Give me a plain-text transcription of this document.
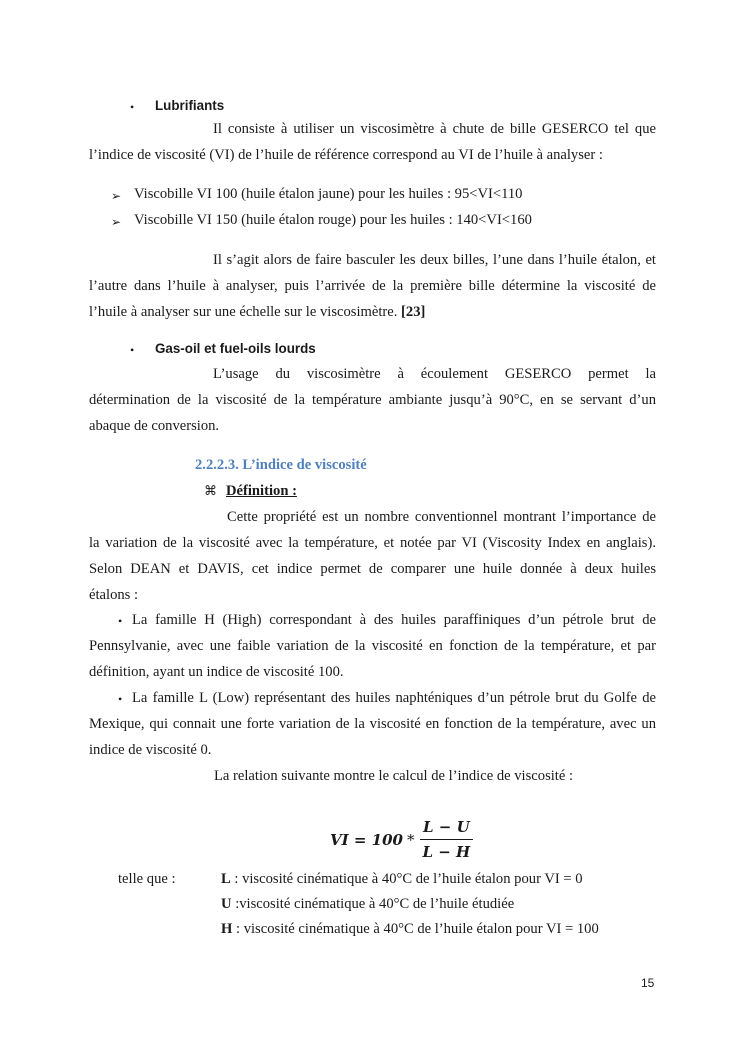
• Lubrifiants
Il consiste à utiliser un viscosimètre à chute de bille GESERCO tel que
l’indice de viscosité (VI) de l’huile de référence correspond au VI de l’huile à analyser :
➢ Viscobille VI 100 (huile étalon jaune) pour les huiles : 95<VI<110
➢ Viscobille VI 150 (huile étalon rouge) pour les huiles : 140<VI<160
Il s’agit alors de faire basculer les deux billes, l’une dans l’huile étalon, et
l’autre dans l’huile à analyser, puis l’arrivée de la première bille détermine la viscosité de
l’huile à analyser sur une échelle sur le viscosimètre. [23]
• Gas-oil et fuel-oils lourds
L’usage du viscosimètre à écoulement GESERCO permet la
détermination de la viscosité de la température ambiante jusqu’à 90°C, en se servant d’un
abaque de conversion.
2.2.2.3. L’indice de viscosité
⌘ Définition :
Cette propriété est un nombre conventionnel montrant l’importance de
la variation de la viscosité avec la température, et notée par VI (Viscosity Index en anglais).
Selon DEAN et DAVIS, cet indice permet de comparer une huile donnée à deux huiles
étalons :
• La famille H (High) correspondant à des huiles paraffiniques d’un pétrole brut de
Pennsylvanie, avec une faible variation de la viscosité en fonction de la température, et par
définition, ayant un indice de viscosité 100.
• La famille L (Low) représentant des huiles naphténiques d’un pétrole brut du Golfe de
Mexique, qui connait une forte variation de la viscosité en fonction de la température, avec un
indice de viscosité 0.
La relation suivante montre le calcul de l’indice de viscosité :
VI = $100 * \frac{L - U}{L - H}$
telle que :	L : viscosité cinématique à 40°C de l’huile étalon pour VI = 0
U :viscosité cinématique à 40°C de l’huile étudiée
H : viscosité cinématique à 40°C de l’huile étalon pour VI = 100
15
